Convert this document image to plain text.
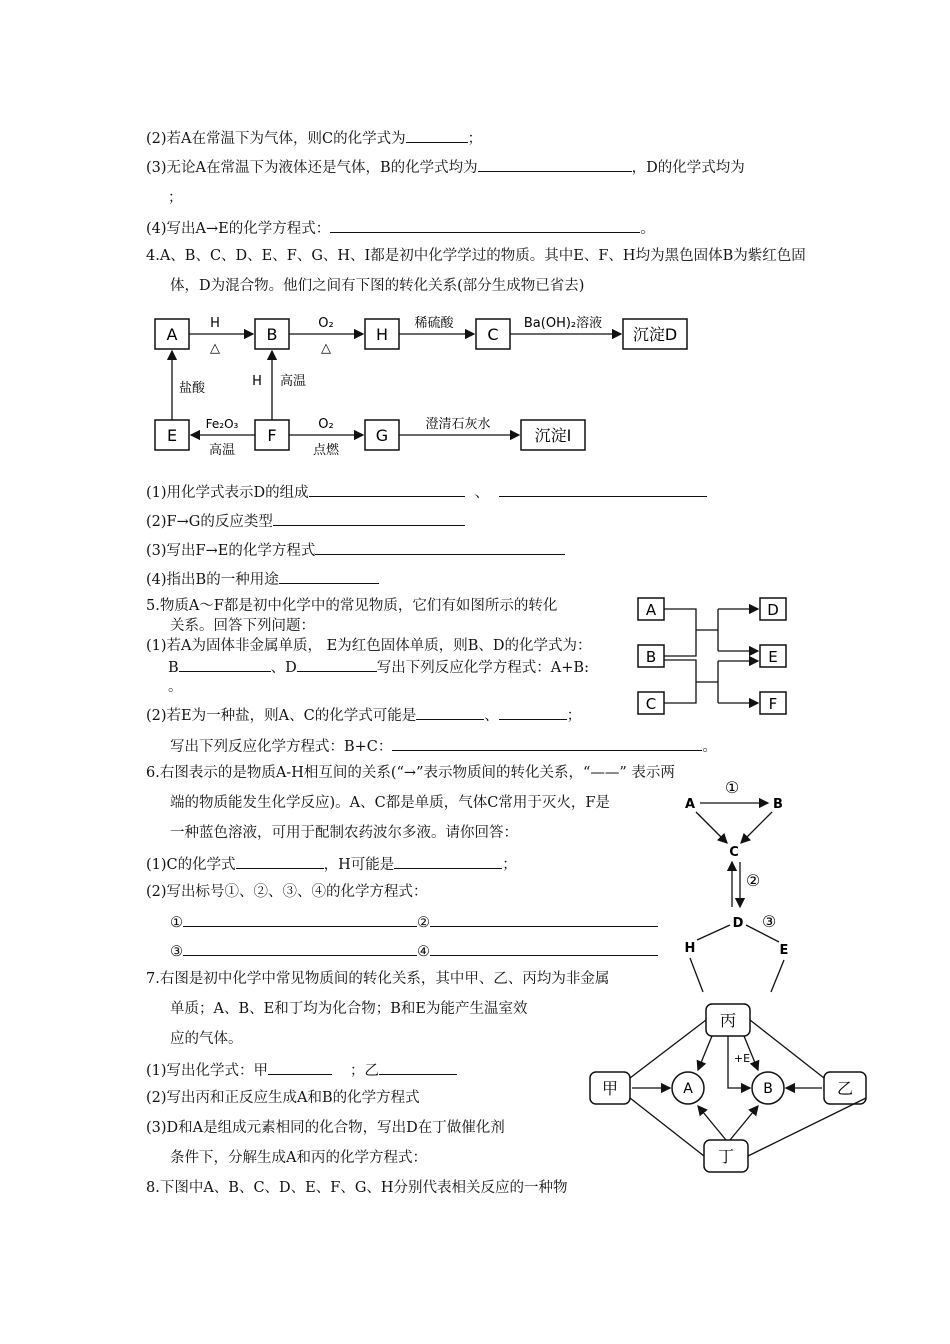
(2)若A在常温下为气体，则C的化学式为	；
(3)无论A在常温下为液体还是气体，B的化学式均为	，D的化学式均为
；
(4)写出A→E的化学方程式：	。
4.A、B、C、D、E、F、G、H、I都是初中化学学过的物质。其中E、F、H均为黑色固体B为紫红色固
体，D为混合物。他们之间有下图的转化关系(部分生成物已省去)
A	B	H	C	沉淀D
H
△
O₂
△
稀硫酸	Ba(OH)₂溶液
E	F	G	沉淀I
盐酸	H 高温
Fe₂O₃
高温
O₂
点燃
澄清石灰水
(1)用化学式表示D的组成	、
(2)F→G的反应类型
(3)写出F→E的化学方程式
(4)指出B的一种用途
5.物质A～F都是初中化学中的常见物质，它们有如图所示的转化
关系。回答下列问题：
(1)若A为固体非金属单质， E为红色固体单质，则B、D的化学式为：
B	、D	写出下列反应化学方程式：A+B:
。
(2)若E为一种盐，则A、C的化学式可能是	、	；
写出下列反应化学方程式：B+C：	。
A
B
C
D
E
F
6.右图表示的是物质A-H相互间的关系(“→”表示物质间的转化关系，“——” 表示两
端的物质能发生化学反应)。A、C都是单质，气体C常用于灭火，F是
一种蓝色溶液，可用于配制农药波尔多液。请你回答：
(1)C的化学式	，H可能是	；
(2)写出标号①、②、③、④的化学方程式：
①	②
③	④
A	B
C
D
H	E
①
②
③
7.右图是初中化学中常见物质间的转化关系，其中甲、乙、丙均为非金属
单质；A、B、E和丁均为化合物；B和E为能产生温室效
应的气体。
(1)写出化学式：甲	；乙
(2)写出丙和正反应生成A和B的化学方程式
(3)D和A是组成元素相同的化合物，写出D在丁做催化剂
条件下，分解生成A和丙的化学方程式：
丙
甲	A	B	乙
丁
+E
8.下图中A、B、C、D、E、F、G、H分别代表相关反应的一种物
